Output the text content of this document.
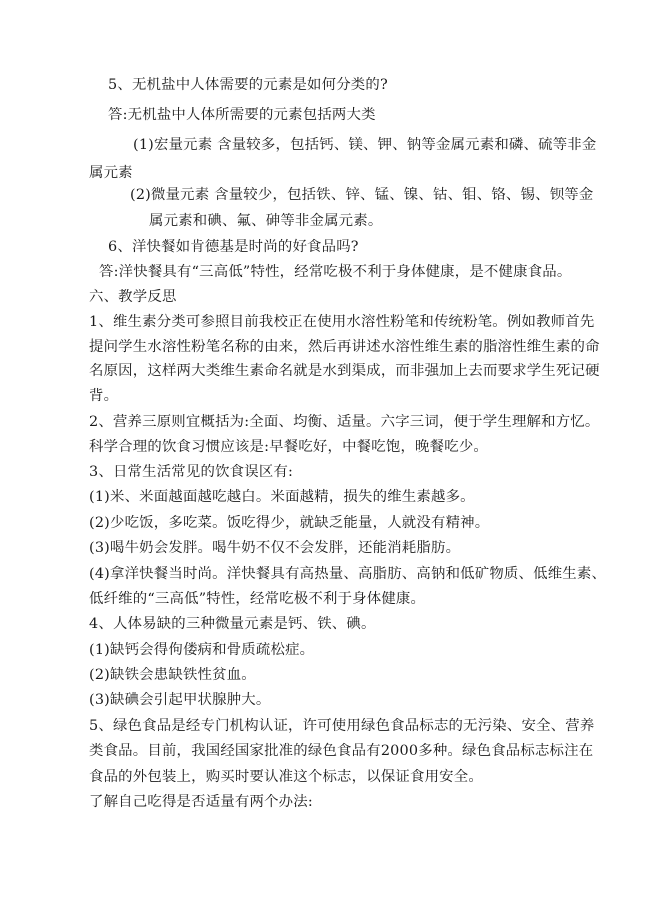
5、无机盐中人体需要的元素是如何分类的?

答:无机盐中人体所需要的元素包括两大类

(1)宏量元素 含量较多，包括钙、镁、钾、钠等金属元素和磷、硫等非金

属元素

(2)微量元素 含量较少，包括铁、锌、锰、镍、钴、钼、铬、锡、钡等金

属元素和碘、氟、砷等非金属元素。

6、洋快餐如肯德基是时尚的好食品吗?

答:洋快餐具有“三高低”特性，经常吃极不利于身体健康，是不健康食品。

六、教学反思

1、维生素分类可参照目前我校正在使用水溶性粉笔和传统粉笔。例如教师首先

提问学生水溶性粉笔名称的由来，然后再讲述水溶性维生素的脂溶性维生素的命

名原因，这样两大类维生素命名就是水到渠成，而非强加上去而要求学生死记硬

背。

2、营养三原则宜概括为:全面、均衡、适量。六字三词，便于学生理解和方忆。

科学合理的饮食习惯应该是:早餐吃好，中餐吃饱，晚餐吃少。

3、日常生活常见的饮食误区有:

(1)米、米面越面越吃越白。米面越精，损失的维生素越多。

(2)少吃饭，多吃菜。饭吃得少，就缺乏能量，人就没有精神。

(3)喝牛奶会发胖。喝牛奶不仅不会发胖，还能消耗脂肪。

(4)拿洋快餐当时尚。洋快餐具有高热量、高脂肪、高钠和低矿物质、低维生素、

低纤维的“三高低”特性，经常吃极不利于身体健康。

4、人体易缺的三种微量元素是钙、铁、碘。

(1)缺钙会得佝偻病和骨质疏松症。

(2)缺铁会患缺铁性贫血。

(3)缺碘会引起甲状腺肿大。

5、绿色食品是经专门机构认证，许可使用绿色食品标志的无污染、安全、营养

类食品。目前，我国经国家批准的绿色食品有2000多种。绿色食品标志标注在

食品的外包装上，购买时要认准这个标志，以保证食用安全。

了解自己吃得是否适量有两个办法:
